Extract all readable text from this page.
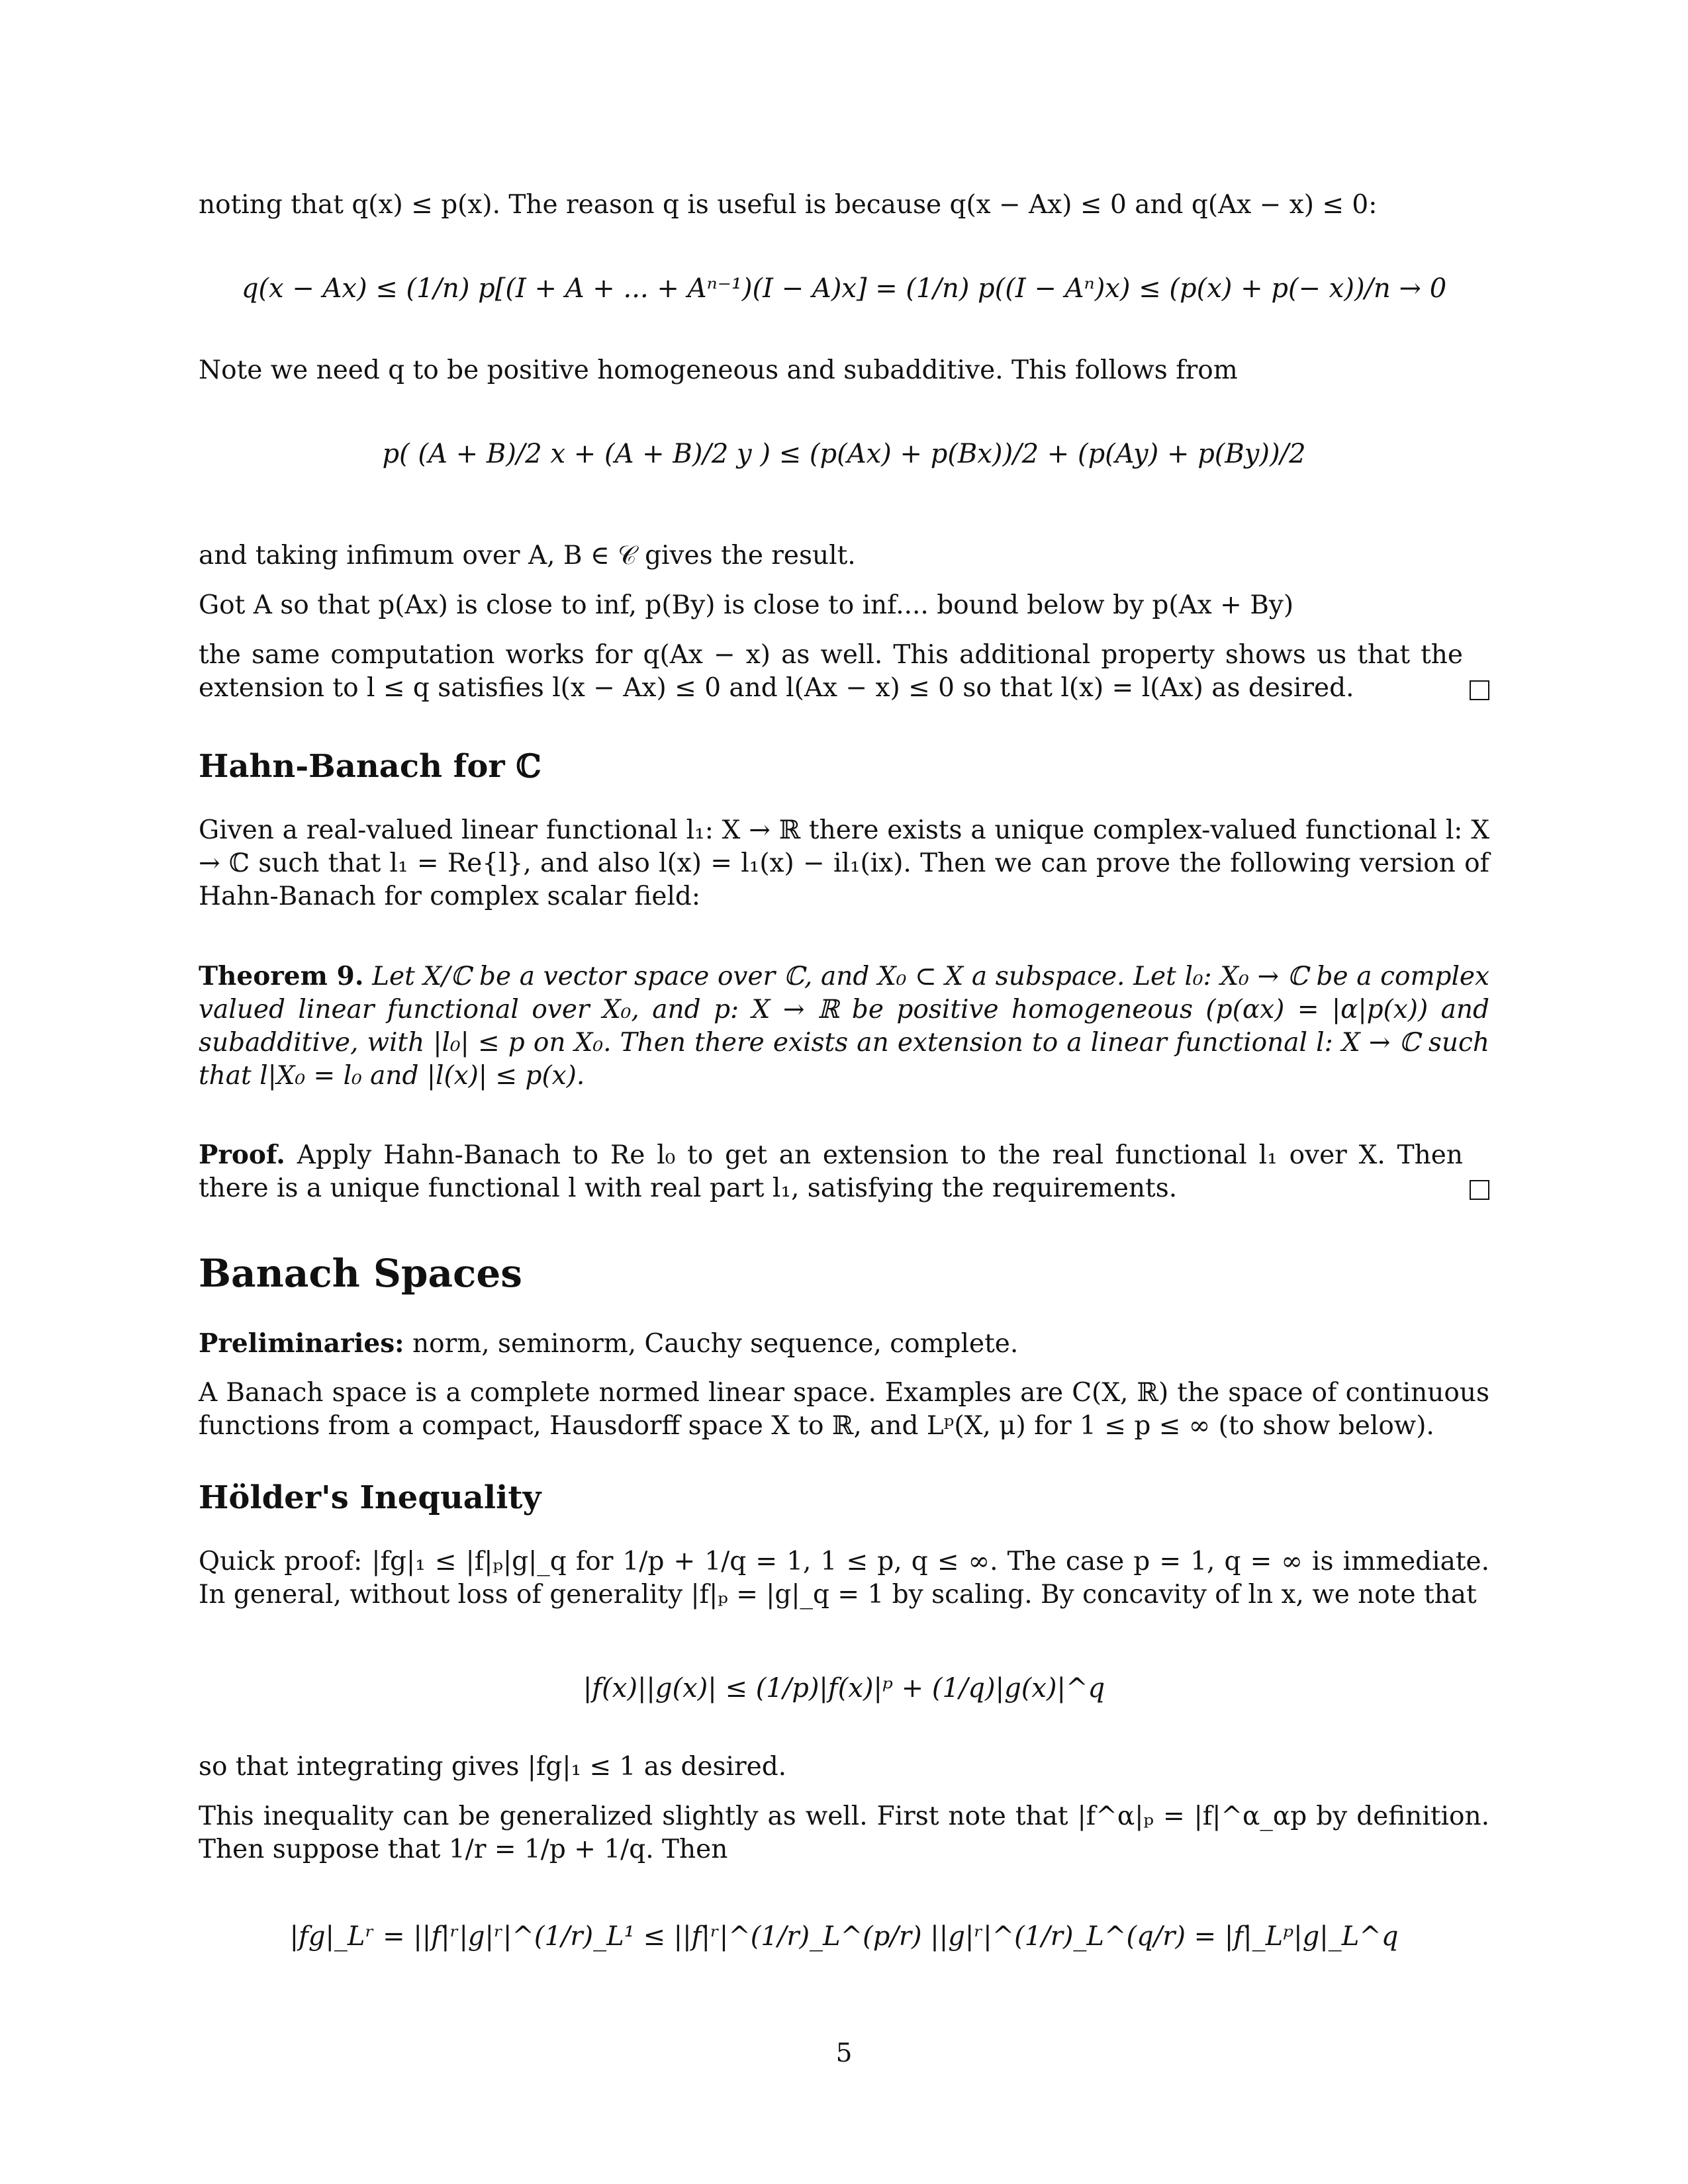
noting that q(x) ≤ p(x). The reason q is useful is because q(x − Ax) ≤ 0 and q(Ax − x) ≤ 0:
q(x − Ax) ≤ (1/n) p[(I + A + ... + Aⁿ⁻¹)(I − A)x] = (1/n) p((I − Aⁿ)x) ≤ (p(x) + p(− x))/n → 0
Note we need q to be positive homogeneous and subadditive. This follows from
p( (A + B)/2 x + (A + B)/2 y ) ≤ (p(Ax) + p(Bx))/2 + (p(Ay) + p(By))/2
and taking infimum over A, B ∈ 𝒞 gives the result.
Got A so that p(Ax) is close to inf, p(By) is close to inf.... bound below by p(Ax + By)
the same computation works for q(Ax − x) as well. This additional property shows us that the extension to l ≤ q satisfies l(x − Ax) ≤ 0 and l(Ax − x) ≤ 0 so that l(x) = l(Ax) as desired.
Hahn-Banach for ℂ
Given a real-valued linear functional l₁: X → ℝ there exists a unique complex-valued functional l: X → ℂ such that l₁ = Re{l}, and also l(x) = l₁(x) − il₁(ix). Then we can prove the following version of Hahn-Banach for complex scalar field:
Theorem 9. Let X/ℂ be a vector space over ℂ, and X₀ ⊂ X a subspace. Let l₀: X₀ → ℂ be a complex valued linear functional over X₀, and p: X → ℝ be positive homogeneous (p(αx) = |α|p(x)) and subadditive, with |l₀| ≤ p on X₀. Then there exists an extension to a linear functional l: X → ℂ such that l|X₀ = l₀ and |l(x)| ≤ p(x).
Proof. Apply Hahn-Banach to Re l₀ to get an extension to the real functional l₁ over X. Then there is a unique functional l with real part l₁, satisfying the requirements.
Banach Spaces
Preliminaries: norm, seminorm, Cauchy sequence, complete.
A Banach space is a complete normed linear space. Examples are C(X, ℝ) the space of continuous functions from a compact, Hausdorff space X to ℝ, and Lᵖ(X, μ) for 1 ≤ p ≤ ∞ (to show below).
Hölder's Inequality
Quick proof: |fg|₁ ≤ |f|ₚ|g|_q for 1/p + 1/q = 1, 1 ≤ p, q ≤ ∞. The case p = 1, q = ∞ is immediate. In general, without loss of generality |f|ₚ = |g|_q = 1 by scaling. By concavity of ln x, we note that
|f(x)||g(x)| ≤ (1/p)|f(x)|ᵖ + (1/q)|g(x)|^q
so that integrating gives |fg|₁ ≤ 1 as desired.
This inequality can be generalized slightly as well. First note that |f^α|ₚ = |f|^α_αp by definition. Then suppose that 1/r = 1/p + 1/q. Then
|fg|_Lʳ = ||f|ʳ|g|ʳ|^(1/r)_L¹ ≤ ||f|ʳ|^(1/r)_L^(p/r) ||g|ʳ|^(1/r)_L^(q/r) = |f|_Lᵖ|g|_L^q
5
